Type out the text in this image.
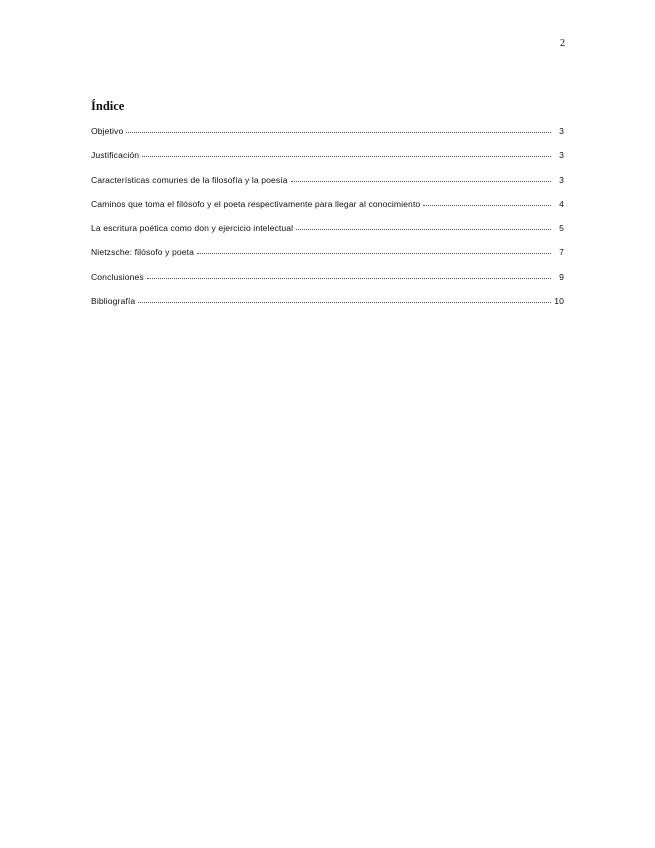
2
Índice
Objetivo	3
Justificación	3
Características comunes de la filosofía y la poesía	3
Caminos que toma el filósofo y el poeta respectivamente para llegar al conocimiento	4
La escritura poética como don y ejercicio intelectual	5
Nietzsche: filósofo y poeta	7
Conclusiones	9
Bibliografía	10
